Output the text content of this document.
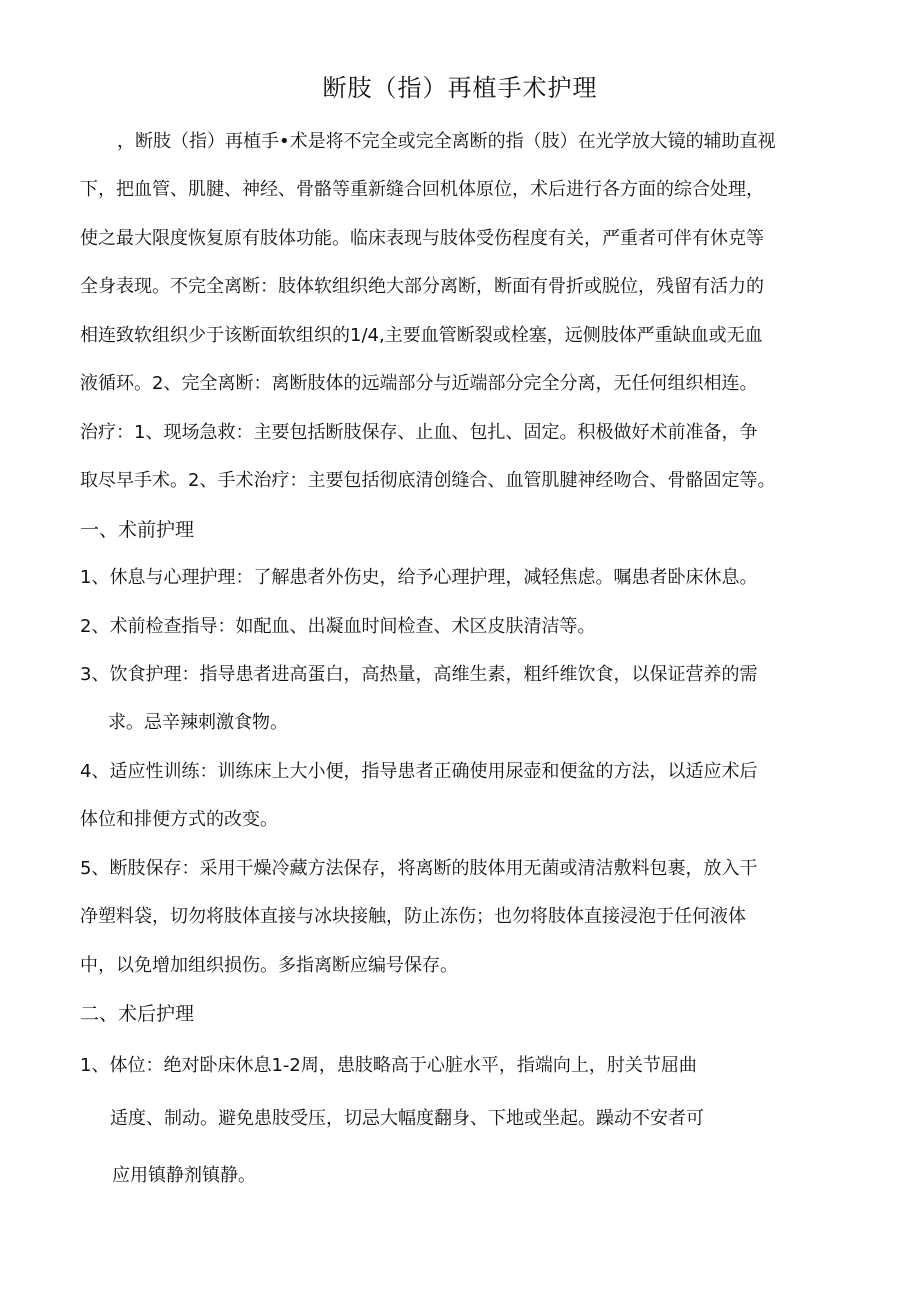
断肢（指）再植手术护理
，断肢（指）再植手•术是将不完全或完全离断的指（肢）在光学放大镜的辅助直视
下，把血管、肌腱、神经、骨骼等重新缝合回机体原位，术后进行各方面的综合处理，
使之最大限度恢复原有肢体功能。临床表现与肢体受伤程度有关，严重者可伴有休克等
全身表现。不完全离断：肢体软组织绝大部分离断，断面有骨折或脱位，残留有活力的
相连致软组织少于该断面软组织的1/4,主要血管断裂或栓塞，远侧肢体严重缺血或无血
液循环。2、完全离断：离断肢体的远端部分与近端部分完全分离，无任何组织相连。
治疗：1、现场急救：主要包括断肢保存、止血、包扎、固定。积极做好术前准备，争
取尽早手术。2、手术治疗：主要包括彻底清创缝合、血管肌腱神经吻合、骨骼固定等。
一、术前护理
1、休息与心理护理：了解患者外伤史，给予心理护理，减轻焦虑。嘱患者卧床休息。
2、术前检查指导：如配血、出凝血时间检查、术区皮肤清洁等。
3、饮食护理：指导患者进高蛋白，高热量，高维生素，粗纤维饮食，以保证营养的需
求。忌辛辣刺激食物。
4、适应性训练：训练床上大小便，指导患者正确使用尿壶和便盆的方法，以适应术后
体位和排便方式的改变。
5、断肢保存：采用干燥冷藏方法保存，将离断的肢体用无菌或清洁敷料包裹，放入干
净塑料袋，切勿将肢体直接与冰块接触，防止冻伤；也勿将肢体直接浸泡于任何液体
中，以免增加组织损伤。多指离断应编号保存。
二、术后护理
1、体位：绝对卧床休息1-2周，患肢略高于心脏水平，指端向上，肘关节屈曲
适度、制动。避免患肢受压，切忌大幅度翻身、下地或坐起。躁动不安者可
应用镇静剂镇静。
